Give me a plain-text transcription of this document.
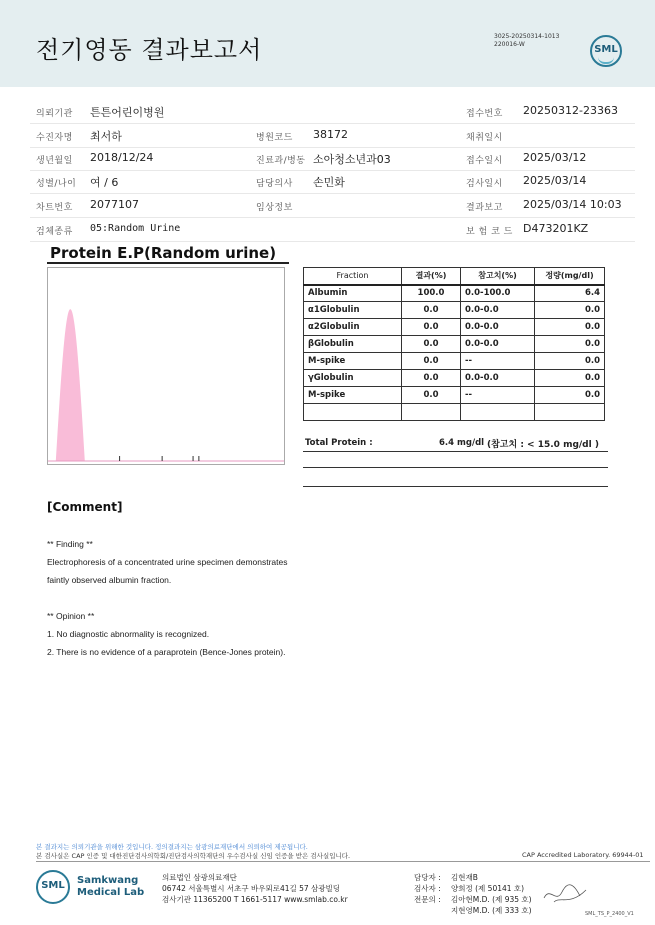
전기영동 결과보고서	3025-20250314-1013
220016-W	SML
의뢰기관 튼튼어린이병원	접수번호 20250312-23363
수진자명 최서하	병원코드 38172	채취일시
생년월일 2018/12/24	진료과/병동 소아청소년과03	접수일시 2025/03/12
성별/나이 여 / 6	담당의사 손민화	검사일시 2025/03/14
차트번호 2077107	임상정보	결과보고 2025/03/14 10:03
검체종류 05:Random Urine	보 험 코 드 D473201KZ
Protein E.P(Random urine)
Fraction	결과(%)	참고치(%)	정량(mg/dl)
Albumin	100.0	0.0-100.0	6.4
α1Globulin	0.0	0.0-0.0	0.0
α2Globulin	0.0	0.0-0.0	0.0
βGlobulin	0.0	0.0-0.0	0.0
M-spike	0.0	--	0.0
γGlobulin	0.0	0.0-0.0	0.0
M-spike	0.0	--	0.0

Total Protein :	6.4 mg/dl (참고치 : < 15.0 mg/dl )
[Comment]
** Finding **
Electrophoresis of a concentrated urine specimen demonstrates
faintly observed albumin fraction.
** Opinion **
1. No diagnostic abnormality is recognized.
2. There is no evidence of a paraprotein (Bence-Jones protein).
본 결과지는 의뢰기관을 위해한 것입니다. 정의결과지는 삼광의료재단에서 의뢰하여 제공됩니다.
본 검사실은 CAP 인증 및 대한진단검사의학회/진단검사의학재단의 우수검사실 신임 인증을 받은 검사실입니다.	CAP Accredited Laboratory. 69944-01
SML	Samkwang
Medical Lab
의료법인 삼광의료재단
06742 서울특별시 서초구 바우뫼로41길 57 삼광빌딩
검사기관 11365200 T 1661-5117 www.smlab.co.kr
담당자 : 김현재B
검사자 : 양희정 (제 50141 호)
전문의 : 김아현M.D. (제 935 호)
지현영M.D. (제 333 호)	SML_TS_P_2400_V1
